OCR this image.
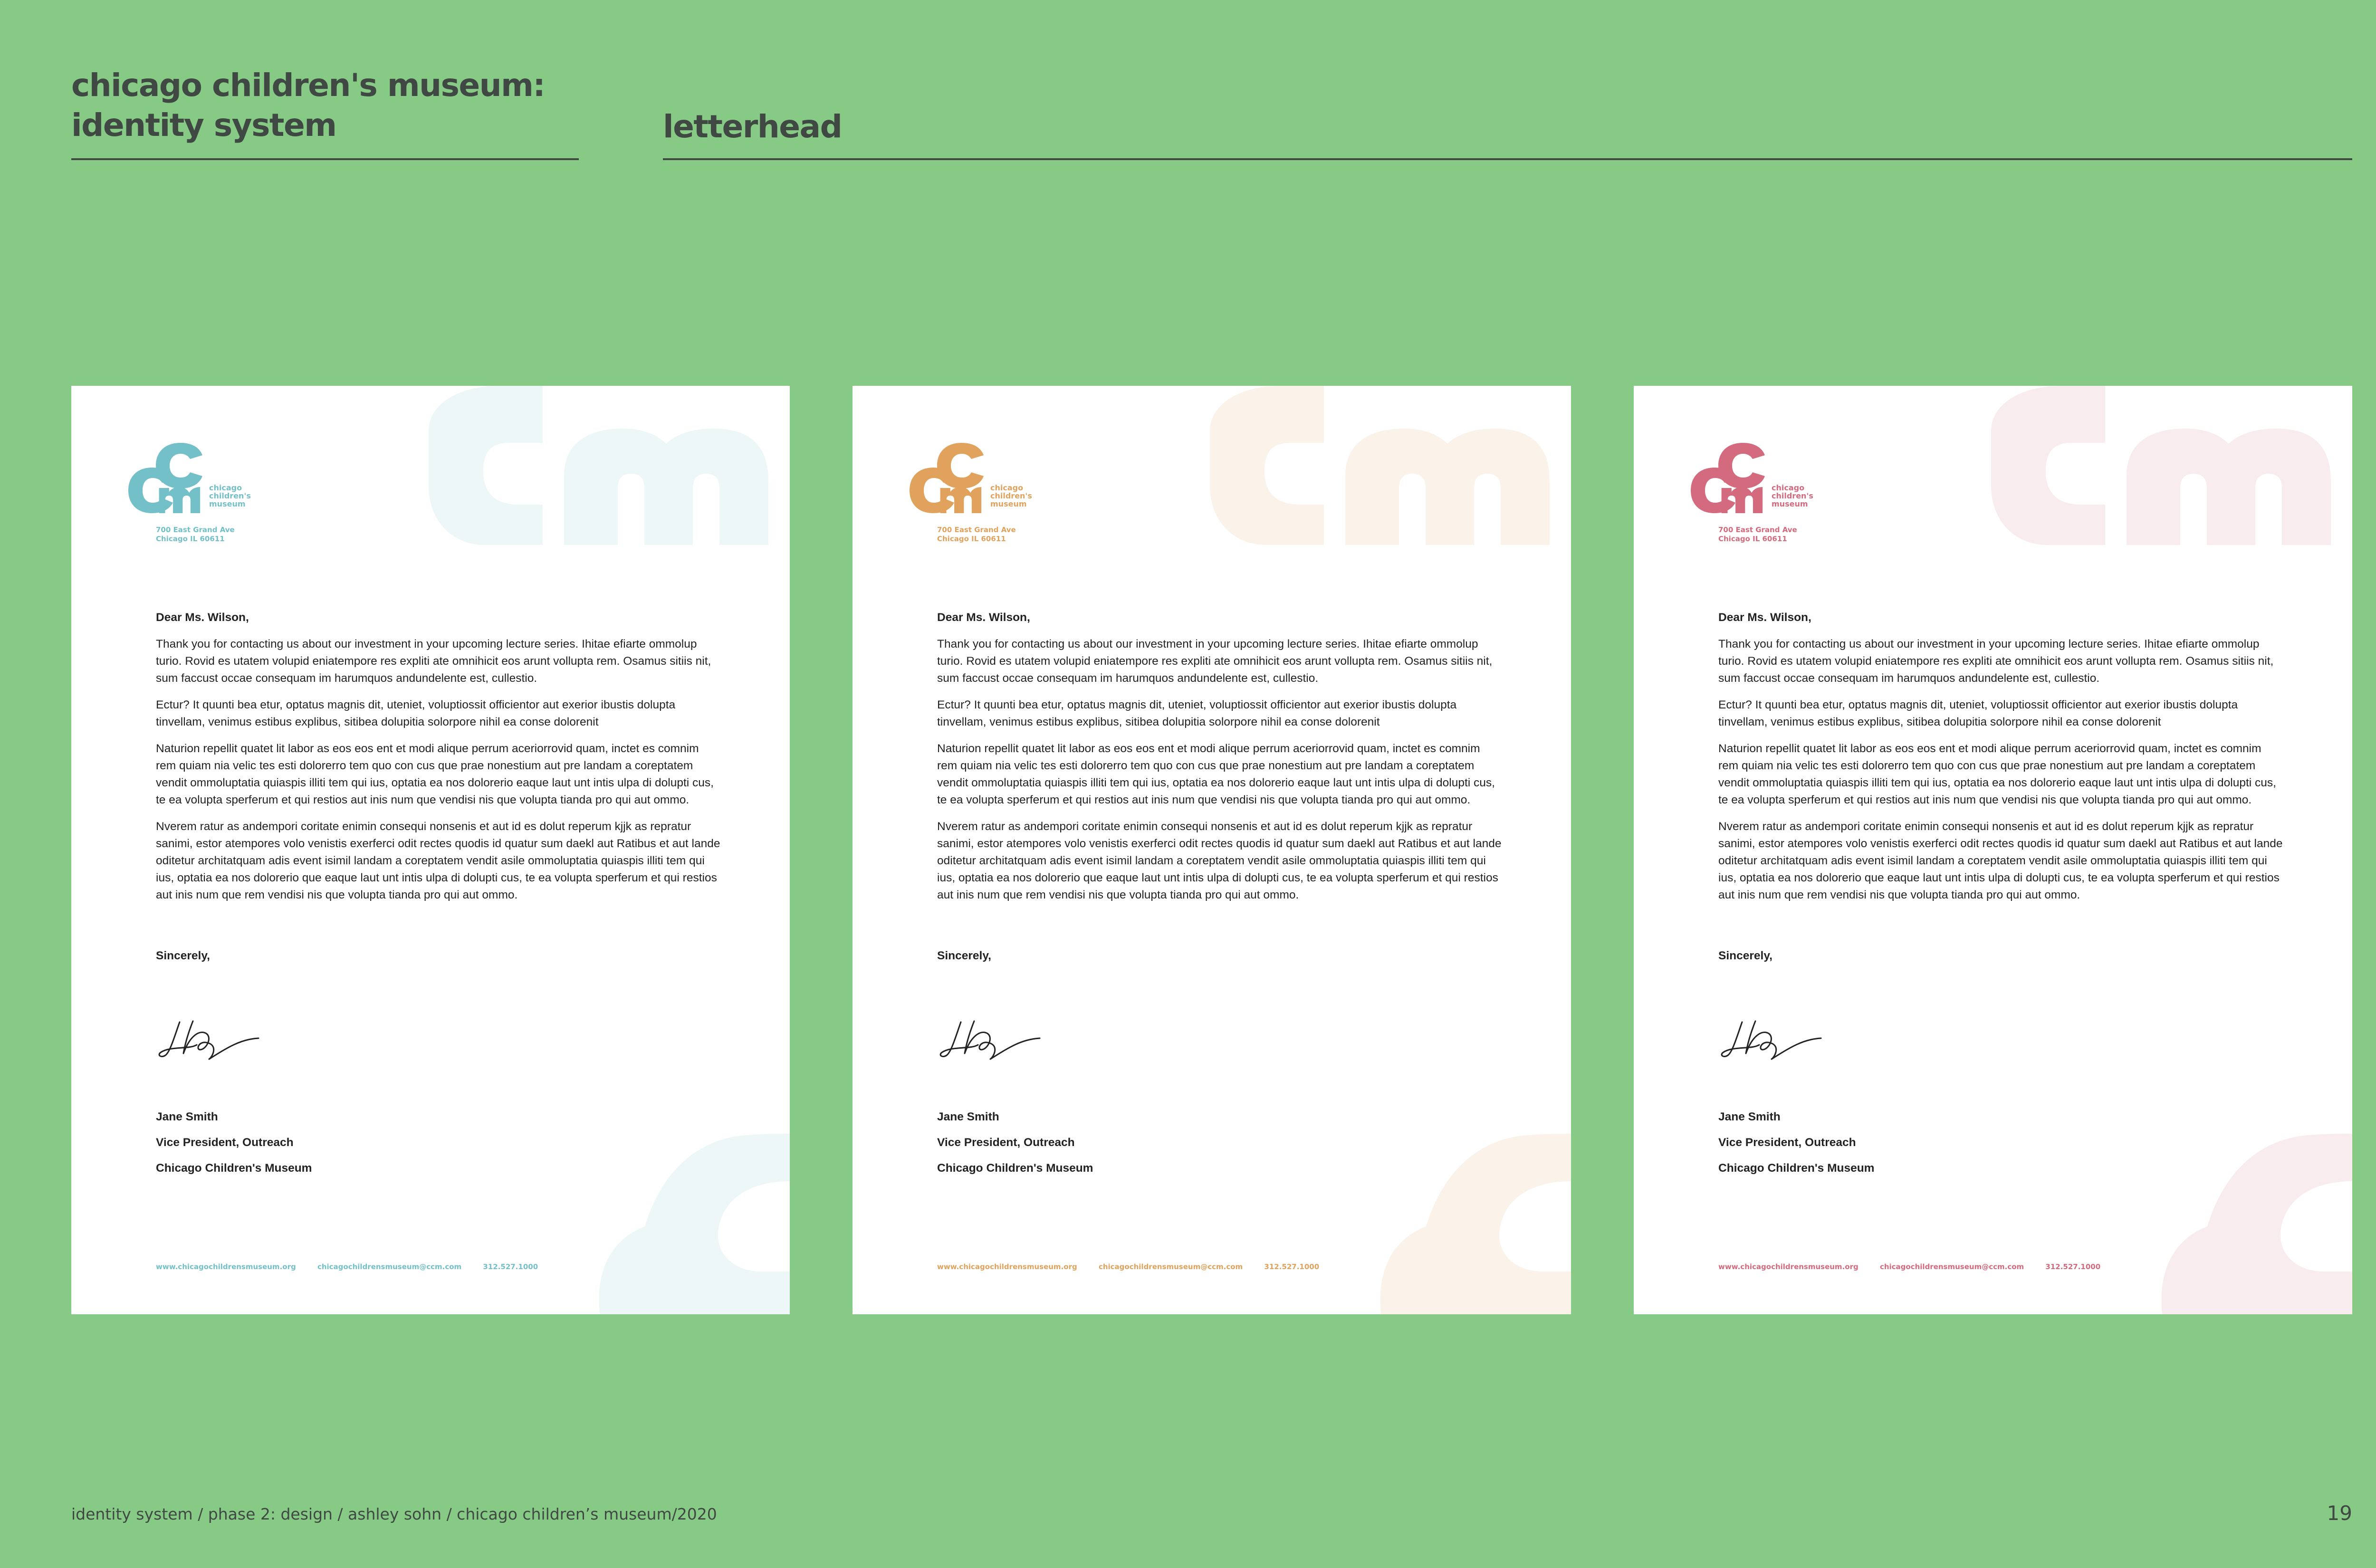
chicago children's museum:
identity system	letterhead
chicago
children's
museum
700 East Grand Ave
Chicago IL 60611

Dear Ms. Wilson,

Thank you for contacting us about our investment in your upcoming lecture series. Ihitae efiarte ommolup turio. Rovid es utatem volupid eniatempore res expliti ate omnihicit eos arunt vollupta rem. Osamus sitiis nit, sum faccust occae consequam im harumquos andundelente est, cullestio.

Ectur? It quunti bea etur, optatus magnis dit, uteniet, voluptiossit officientor aut exerior ibustis dolupta tinvellam, venimus estibus explibus, sitibea dolupitia solorpore nihil ea conse dolorenit

Naturion repellit quatet lit labor as eos eos ent et modi alique perrum aceriorrovid quam, inctet es comnim rem quiam nia velic tes esti dolorerro tem quo con cus que prae nonestium aut pre landam a coreptatem vendit ommoluptatia quiaspis illiti tem qui ius, optatia ea nos dolorerio eaque laut unt intis ulpa di dolupti cus, te ea volupta sperferum et qui restios aut inis num que vendisi nis que volupta tianda pro qui aut ommo.

Nverem ratur as andempori coritate enimin consequi nonsenis et aut id es dolut reperum kjjk as repratur sanimi, estor atempores volo venistis exerferci odit rectes quodis id quatur sum daekl aut Ratibus et aut lande oditetur architatquam adis event isimil landam a coreptatem vendit asile ommoluptatia quiaspis illiti tem qui ius, optatia ea nos dolorerio que eaque laut unt intis ulpa di dolupti cus, te ea volupta sperferum et qui restios aut inis num que rem vendisi nis que volupta tianda pro qui aut ommo.

Sincerely,

Jane Smith
Vice President, Outreach
Chicago Children's Museum
www.chicagochildrensmuseum.org	chicagochildrensmuseum@ccm.com	312.527.1000
chicago
children's
museum
700 East Grand Ave
Chicago IL 60611

Dear Ms. Wilson,

Thank you for contacting us about our investment in your upcoming lecture series. Ihitae efiarte ommolup turio. Rovid es utatem volupid eniatempore res expliti ate omnihicit eos arunt vollupta rem. Osamus sitiis nit, sum faccust occae consequam im harumquos andundelente est, cullestio.

Ectur? It quunti bea etur, optatus magnis dit, uteniet, voluptiossit officientor aut exerior ibustis dolupta tinvellam, venimus estibus explibus, sitibea dolupitia solorpore nihil ea conse dolorenit

Naturion repellit quatet lit labor as eos eos ent et modi alique perrum aceriorrovid quam, inctet es comnim rem quiam nia velic tes esti dolorerro tem quo con cus que prae nonestium aut pre landam a coreptatem vendit ommoluptatia quiaspis illiti tem qui ius, optatia ea nos dolorerio eaque laut unt intis ulpa di dolupti cus, te ea volupta sperferum et qui restios aut inis num que vendisi nis que volupta tianda pro qui aut ommo.

Nverem ratur as andempori coritate enimin consequi nonsenis et aut id es dolut reperum kjjk as repratur sanimi, estor atempores volo venistis exerferci odit rectes quodis id quatur sum daekl aut Ratibus et aut lande oditetur architatquam adis event isimil landam a coreptatem vendit asile ommoluptatia quiaspis illiti tem qui ius, optatia ea nos dolorerio que eaque laut unt intis ulpa di dolupti cus, te ea volupta sperferum et qui restios aut inis num que rem vendisi nis que volupta tianda pro qui aut ommo.

Sincerely,

Jane Smith
Vice President, Outreach
Chicago Children's Museum
www.chicagochildrensmuseum.org	chicagochildrensmuseum@ccm.com	312.527.1000
chicago
children's
museum
700 East Grand Ave
Chicago IL 60611

Dear Ms. Wilson,

Thank you for contacting us about our investment in your upcoming lecture series. Ihitae efiarte ommolup turio. Rovid es utatem volupid eniatempore res expliti ate omnihicit eos arunt vollupta rem. Osamus sitiis nit, sum faccust occae consequam im harumquos andundelente est, cullestio.

Ectur? It quunti bea etur, optatus magnis dit, uteniet, voluptiossit officientor aut exerior ibustis dolupta tinvellam, venimus estibus explibus, sitibea dolupitia solorpore nihil ea conse dolorenit

Naturion repellit quatet lit labor as eos eos ent et modi alique perrum aceriorrovid quam, inctet es comnim rem quiam nia velic tes esti dolorerro tem quo con cus que prae nonestium aut pre landam a coreptatem vendit ommoluptatia quiaspis illiti tem qui ius, optatia ea nos dolorerio eaque laut unt intis ulpa di dolupti cus, te ea volupta sperferum et qui restios aut inis num que vendisi nis que volupta tianda pro qui aut ommo.

Nverem ratur as andempori coritate enimin consequi nonsenis et aut id es dolut reperum kjjk as repratur sanimi, estor atempores volo venistis exerferci odit rectes quodis id quatur sum daekl aut Ratibus et aut lande oditetur architatquam adis event isimil landam a coreptatem vendit asile ommoluptatia quiaspis illiti tem qui ius, optatia ea nos dolorerio que eaque laut unt intis ulpa di dolupti cus, te ea volupta sperferum et qui restios aut inis num que rem vendisi nis que volupta tianda pro qui aut ommo.

Sincerely,

Jane Smith
Vice President, Outreach
Chicago Children's Museum
www.chicagochildrensmuseum.org	chicagochildrensmuseum@ccm.com	312.527.1000
identity system / phase 2: design / ashley sohn / chicago children’s museum/2020	19
